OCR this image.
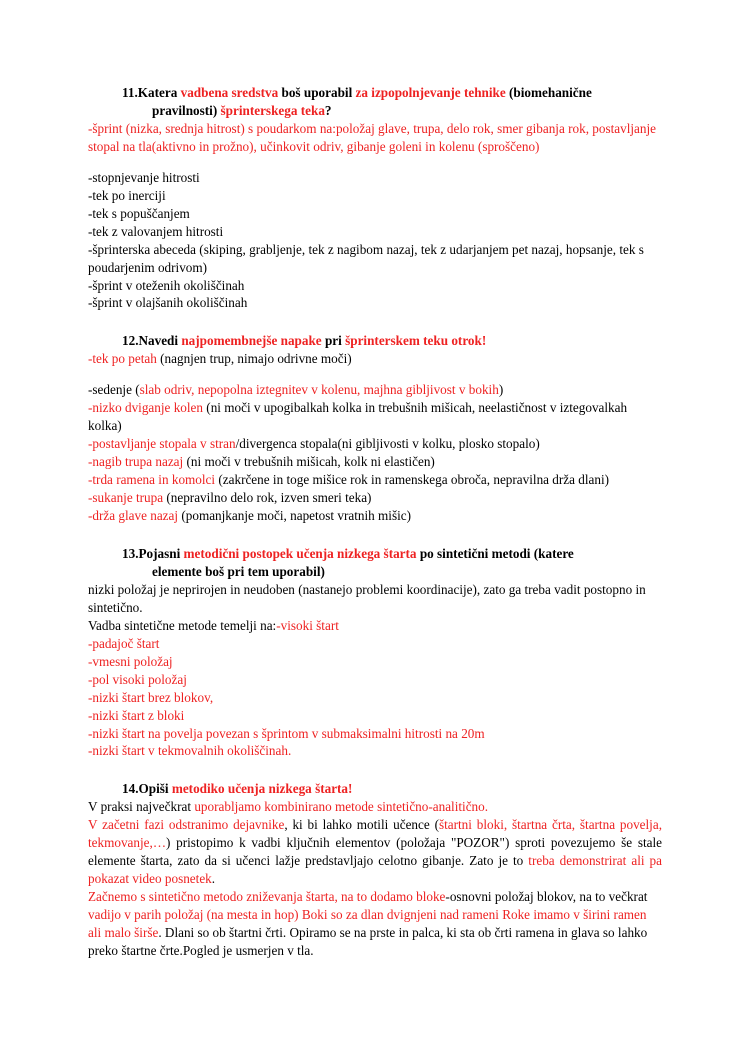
11.Katera vadbena sredstva boš uporabil za izpopolnjevanje tehnike (biomehanične
pravilnosti) šprinterskega teka?

-šprint (nizka, srednja hitrost) s poudarkom na:položaj glave, trupa, delo rok, smer gibanja rok, postavljanje stopal na tla(aktivno in prožno), učinkovit odriv, gibanje goleni in kolenu (sproščeno)

-stopnjevanje hitrosti

-tek po inerciji

-tek s popuščanjem

-tek z valovanjem hitrosti

-šprinterska abeceda (skiping, grabljenje, tek z nagibom nazaj, tek z udarjanjem pet nazaj, hopsanje, tek s poudarjenim odrivom)

-šprint v oteženih okoliščinah

-šprint v olajšanih okoliščinah

12.Navedi najpomembnejše napake pri šprinterskem teku otrok!

-tek po petah (nagnjen trup, nimajo odrivne moči)

-sedenje (slab odriv, nepopolna iztegnitev v kolenu, majhna gibljivost v bokih)

-nizko dviganje kolen (ni moči v upogibalkah kolka in trebušnih mišicah, neelastičnost v iztegovalkah kolka)

-postavljanje stopala v stran/divergenca stopala(ni gibljivosti v kolku, plosko stopalo)

-nagib trupa nazaj (ni moči v trebušnih mišicah, kolk ni elastičen)

-trda ramena in komolci (zakrčene in toge mišice rok in ramenskega obroča, nepravilna drža dlani)

-sukanje trupa (nepravilno delo rok, izven smeri teka)

-drža glave nazaj (pomanjkanje moči, napetost vratnih mišic)

13.Pojasni metodični postopek učenja nizkega štarta po sintetični metodi (katere
elemente boš pri tem uporabil)

nizki položaj je neprirojen in neudoben (nastanejo problemi koordinacije), zato ga treba vadit postopno in sintetično.

Vadba sintetične metode temelji na:-visoki štart

-padajoč štart

-vmesni položaj

-pol visoki položaj

-nizki štart brez blokov,

-nizki štart z bloki

-nizki štart na povelja povezan s šprintom v submaksimalni hitrosti na 20m

-nizki štart v tekmovalnih okoliščinah.

14.Opiši metodiko učenja nizkega štarta!

V praksi največkrat uporabljamo kombinirano metode sintetično-analitično.

V začetni fazi odstranimo dejavnike, ki bi lahko motili učence (štartni bloki, štartna črta, štartna povelja, tekmovanje,…) pristopimo k vadbi ključnih elementov (položaja "POZOR") sproti povezujemo še stale elemente štarta, zato da si učenci lažje predstavljajo celotno gibanje. Zato je to treba demonstrirat ali pa pokazat video posnetek.

Začnemo s sintetično metodo zniževanja štarta, na to dodamo bloke-osnovni položaj blokov, na to večkrat vadijo v parih položaj (na mesta in hop) Boki so za dlan dvignjeni nad rameni Roke imamo v širini ramen ali malo širše. Dlani so ob štartni črti. Opiramo se na prste in palca, ki sta ob črti ramena in glava so lahko preko štartne črte.Pogled je usmerjen v tla.
